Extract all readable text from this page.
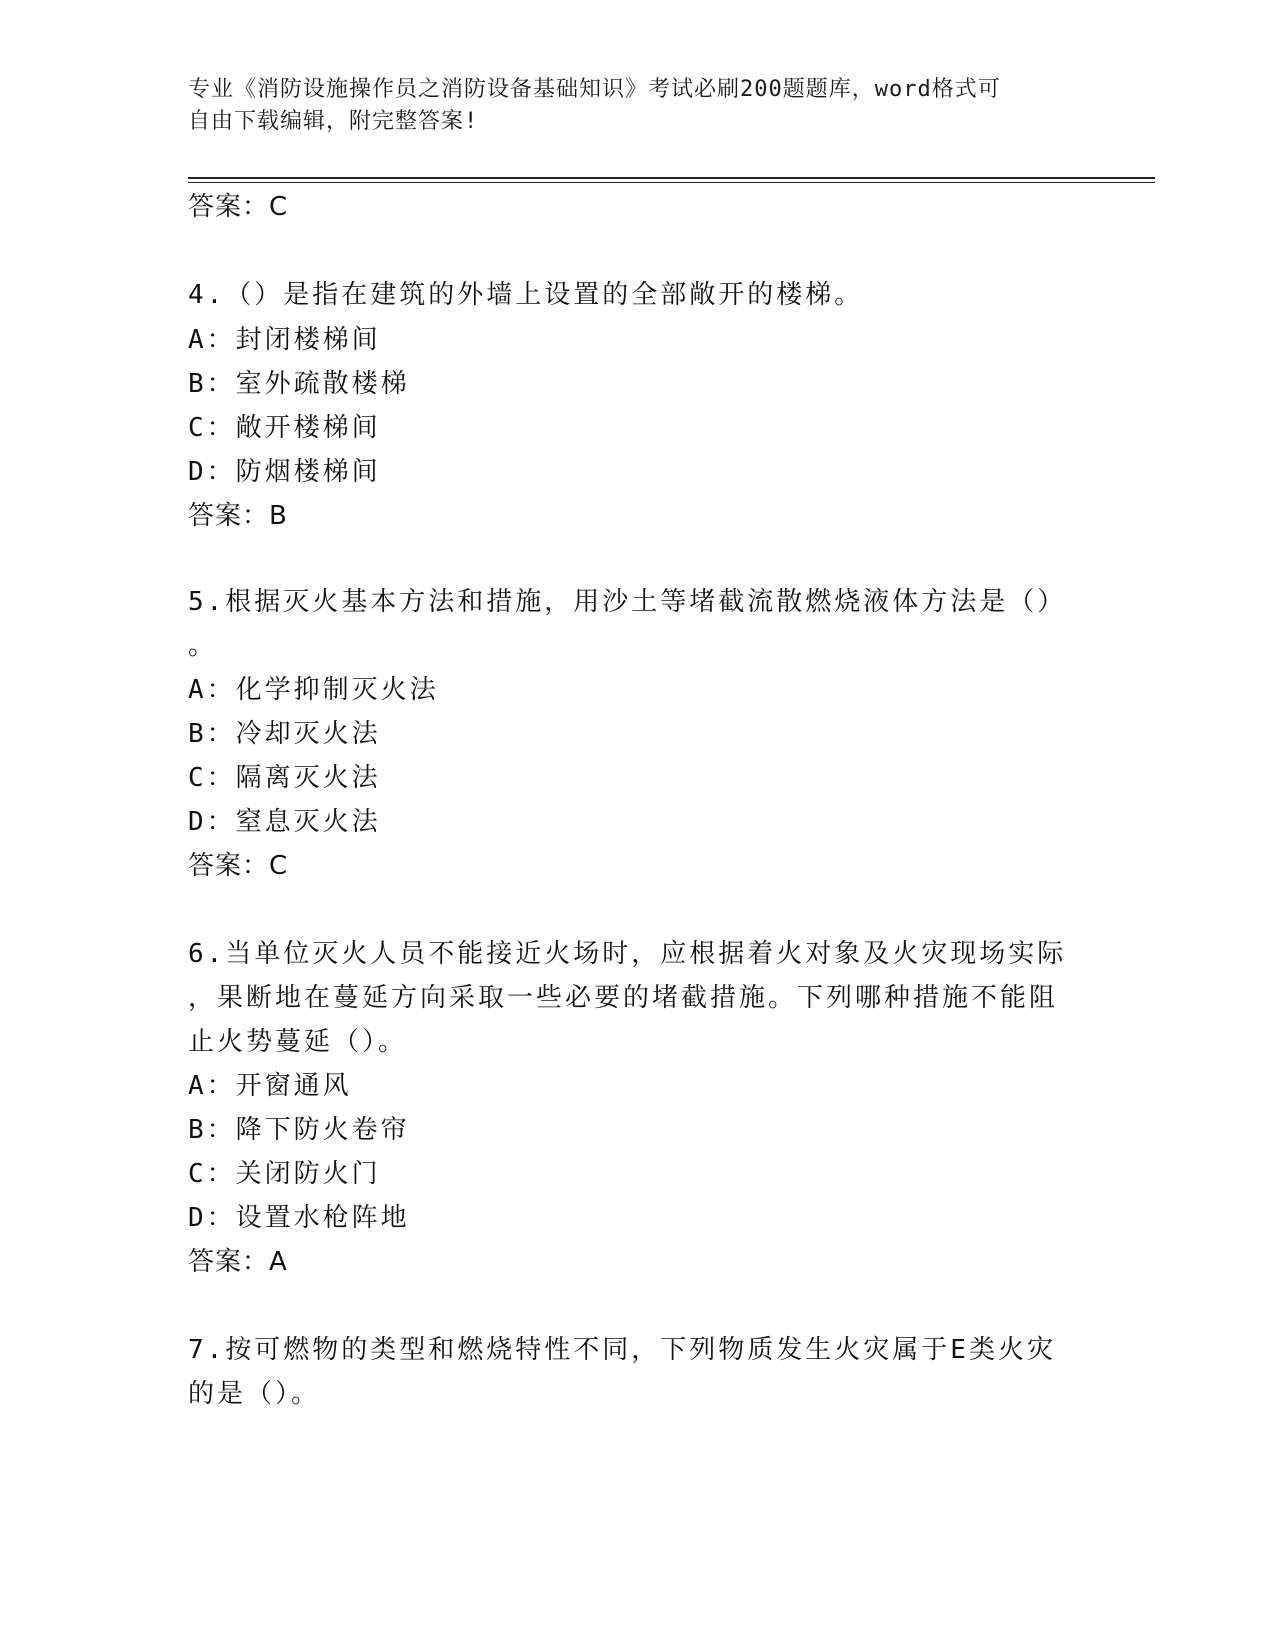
专业《消防设施操作员之消防设备基础知识》考试必刷200题题库，word格式可
自由下载编辑，附完整答案!
答案：C
4.（）是指在建筑的外墙上设置的全部敞开的楼梯。
A：封闭楼梯间
B：室外疏散楼梯
C：敞开楼梯间
D：防烟楼梯间
答案：B
5.根据灭火基本方法和措施，用沙土等堵截流散燃烧液体方法是（）
。
A：化学抑制灭火法
B：冷却灭火法
C：隔离灭火法
D：窒息灭火法
答案：C
6.当单位灭火人员不能接近火场时，应根据着火对象及火灾现场实际
，果断地在蔓延方向采取一些必要的堵截措施。下列哪种措施不能阻
止火势蔓延（）。
A：开窗通风
B：降下防火卷帘
C：关闭防火门
D：设置水枪阵地
答案：A
7.按可燃物的类型和燃烧特性不同，下列物质发生火灾属于E类火灾
的是（）。
